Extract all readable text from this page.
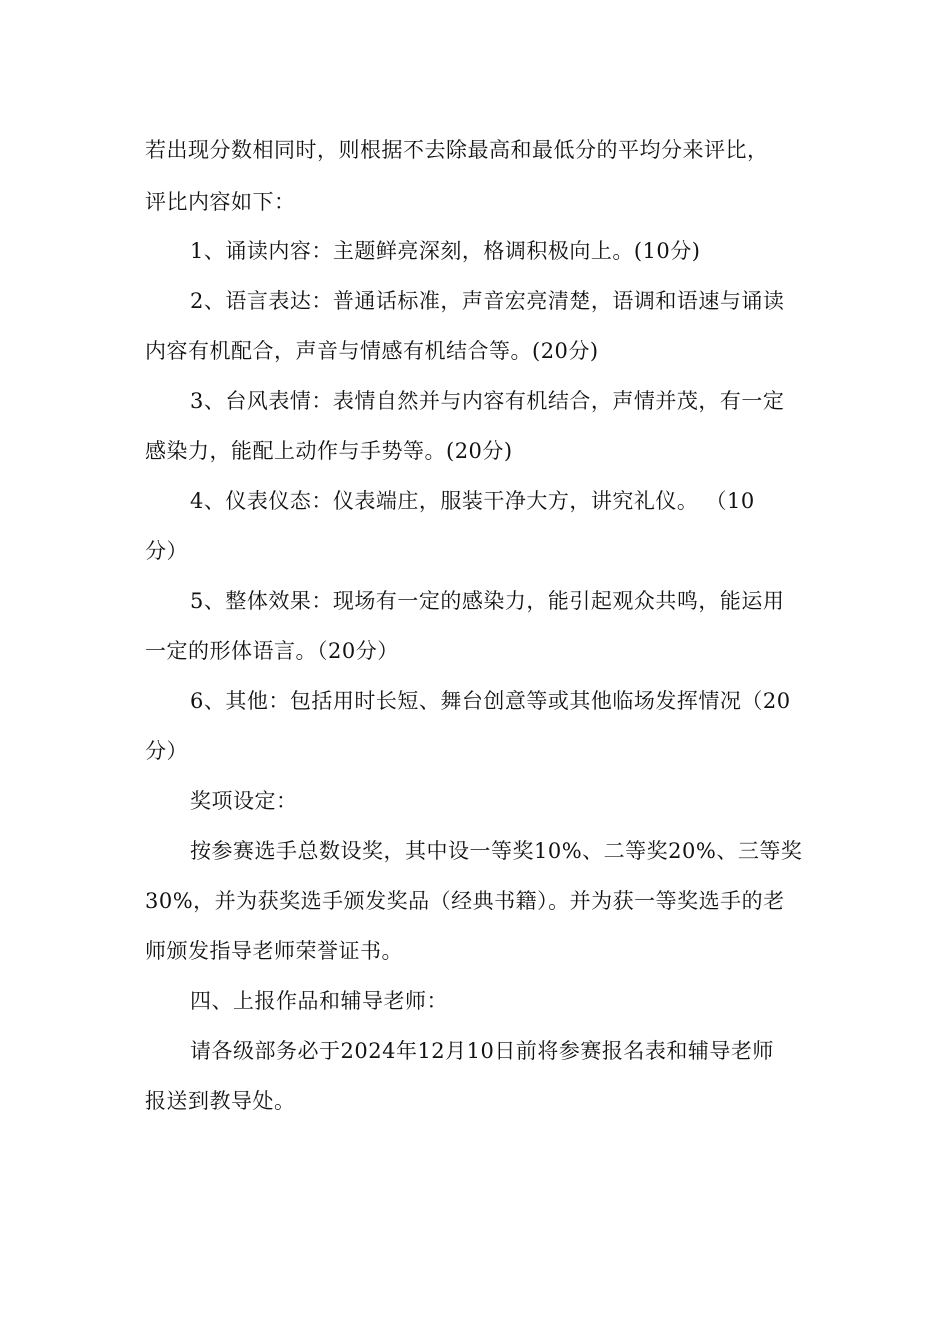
若出现分数相同时，则根据不去除最高和最低分的平均分来评比，
评比内容如下：
1、诵读内容：主题鲜亮深刻，格调积极向上。(10分)
2、语言表达：普通话标准，声音宏亮清楚，语调和语速与诵读
内容有机配合，声音与情感有机结合等。(20分)
3、台风表情：表情自然并与内容有机结合，声情并茂，有一定
感染力，能配上动作与手势等。(20分)
4、仪表仪态：仪表端庄，服装干净大方，讲究礼仪。 （10
分）
5、整体效果：现场有一定的感染力，能引起观众共鸣，能运用
一定的形体语言。（20分）
6、其他：包括用时长短、舞台创意等或其他临场发挥情况（20
分）
奖项设定：
按参赛选手总数设奖，其中设一等奖10%、二等奖20%、三等奖
30%，并为获奖选手颁发奖品（经典书籍）。并为获一等奖选手的老
师颁发指导老师荣誉证书。
四、上报作品和辅导老师：
请各级部务必于2024年12月10日前将参赛报名表和辅导老师
报送到教导处。
